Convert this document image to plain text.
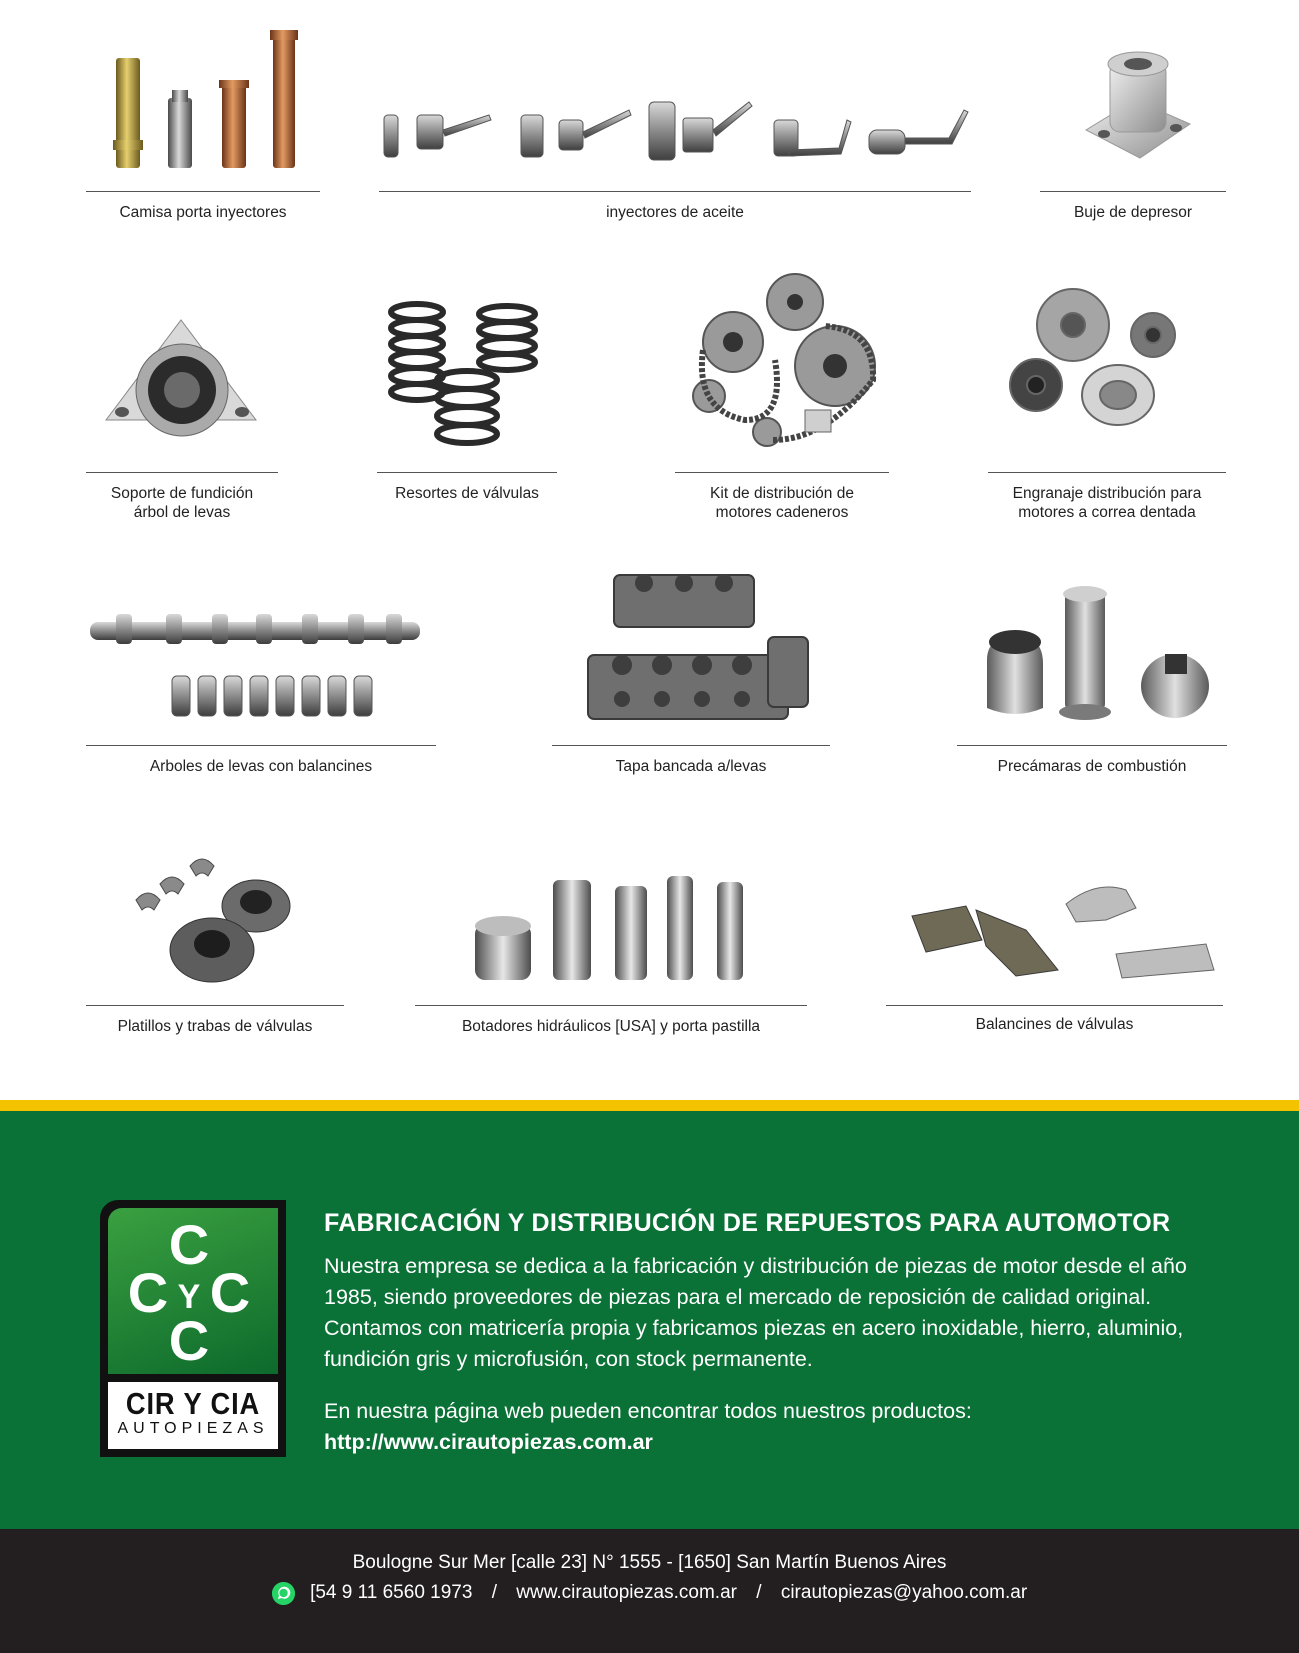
Camisa porta inyectores	inyectores de aceite	Buje de depresor
Soporte de fundición
árbol de levas
Resortes de válvulas	Kit de distribución de
motores cadeneros
Engranaje distribución para
motores a correa dentada
Arboles de levas con balancines	Tapa bancada a/levas	Precámaras de combustión
Platillos y trabas de válvulas	Botadores hidráulicos [USA] y porta pastilla	Balancines de válvulas
C
C C
Y
C
CIR Y CIA
AUTOPIEZAS
FABRICACIÓN Y DISTRIBUCIÓN DE REPUESTOS PARA AUTOMOTOR

Nuestra empresa se dedica a la fabricación y distribución de piezas de motor desde el año 1985, siendo proveedores de piezas para el mercado de reposición de calidad original. Contamos con matricería propia y fabricamos piezas en acero inoxidable, hierro, aluminio, fundición gris y microfusión, con stock permanente.

En nuestra página web pueden encontrar todos nuestros productos:

http://www.cirautopiezas.com.ar
Boulogne Sur Mer [calle 23] N° 1555 - [1650] San Martín Buenos Aires
[54 9 11 6560 1973 / www.cirautopiezas.com.ar / cirautopiezas@yahoo.com.ar
